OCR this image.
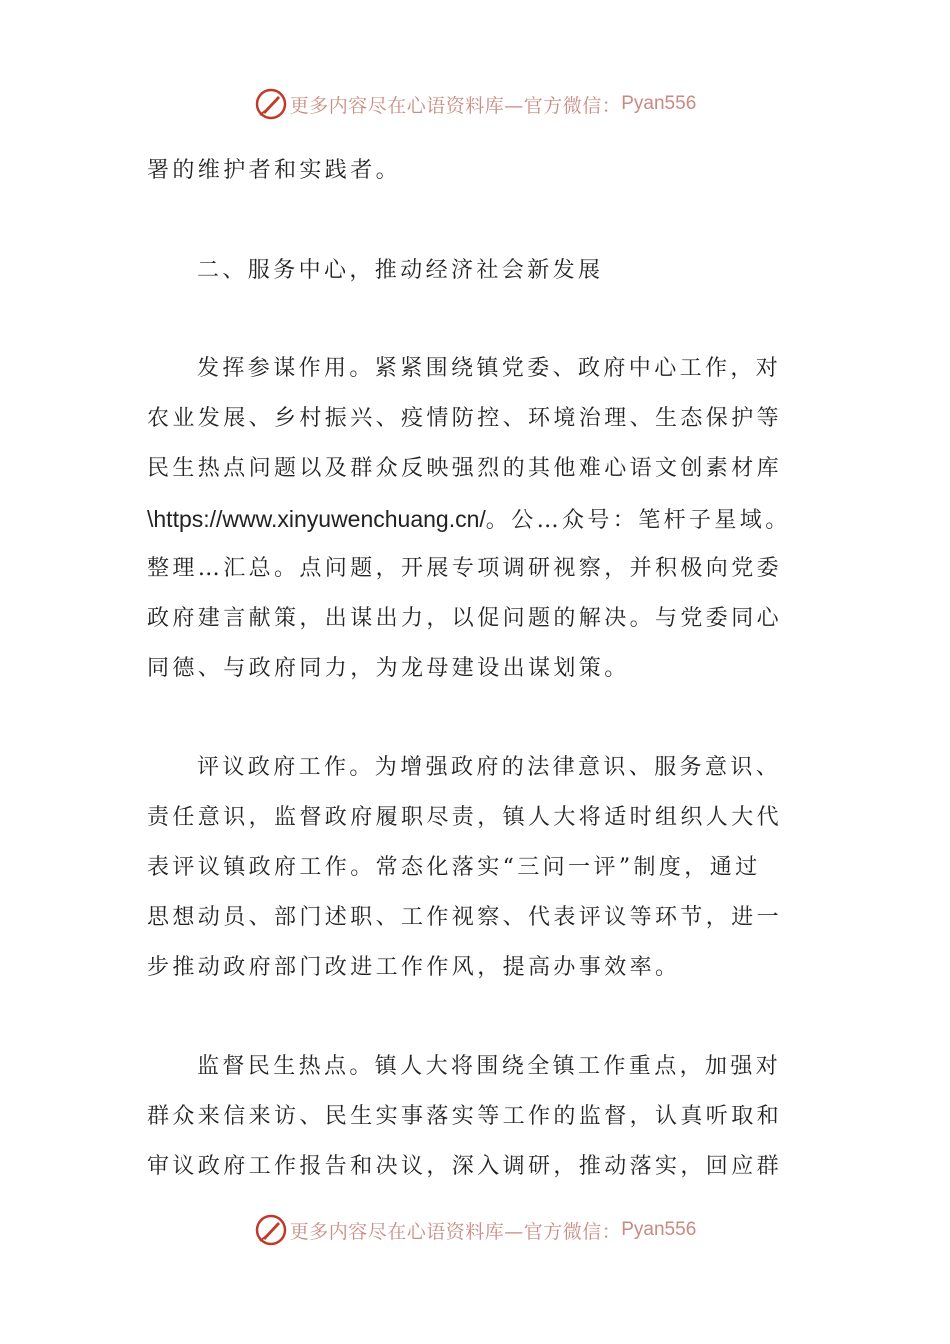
更多内容尽在心语资料库—官方微信： Pyan556
署的维护者和实践者。
二、服务中心，推动经济社会新发展
发挥参谋作用。紧紧围绕镇党委、政府中心工作，对
农业发展、乡村振兴、疫情防控、环境治理、生态保护等
民生热点问题以及群众反映强烈的其他难心语文创素材库
\https://www.xinyuwenchuang.cn/。公…众号：笔杆子星域。
整理…汇总。点问题，开展专项调研视察，并积极向党委
政府建言献策，出谋出力，以促问题的解决。与党委同心
同德、与政府同力，为龙母建设出谋划策。
评议政府工作。为增强政府的法律意识、服务意识、
责任意识，监督政府履职尽责，镇人大将适时组织人大代
表评议镇政府工作。常态化落实“三问一评”制度，通过
思想动员、部门述职、工作视察、代表评议等环节，进一
步推动政府部门改进工作作风，提高办事效率。
监督民生热点。镇人大将围绕全镇工作重点，加强对
群众来信来访、民生实事落实等工作的监督，认真听取和
审议政府工作报告和决议，深入调研，推动落实，回应群
更多内容尽在心语资料库—官方微信： Pyan556
